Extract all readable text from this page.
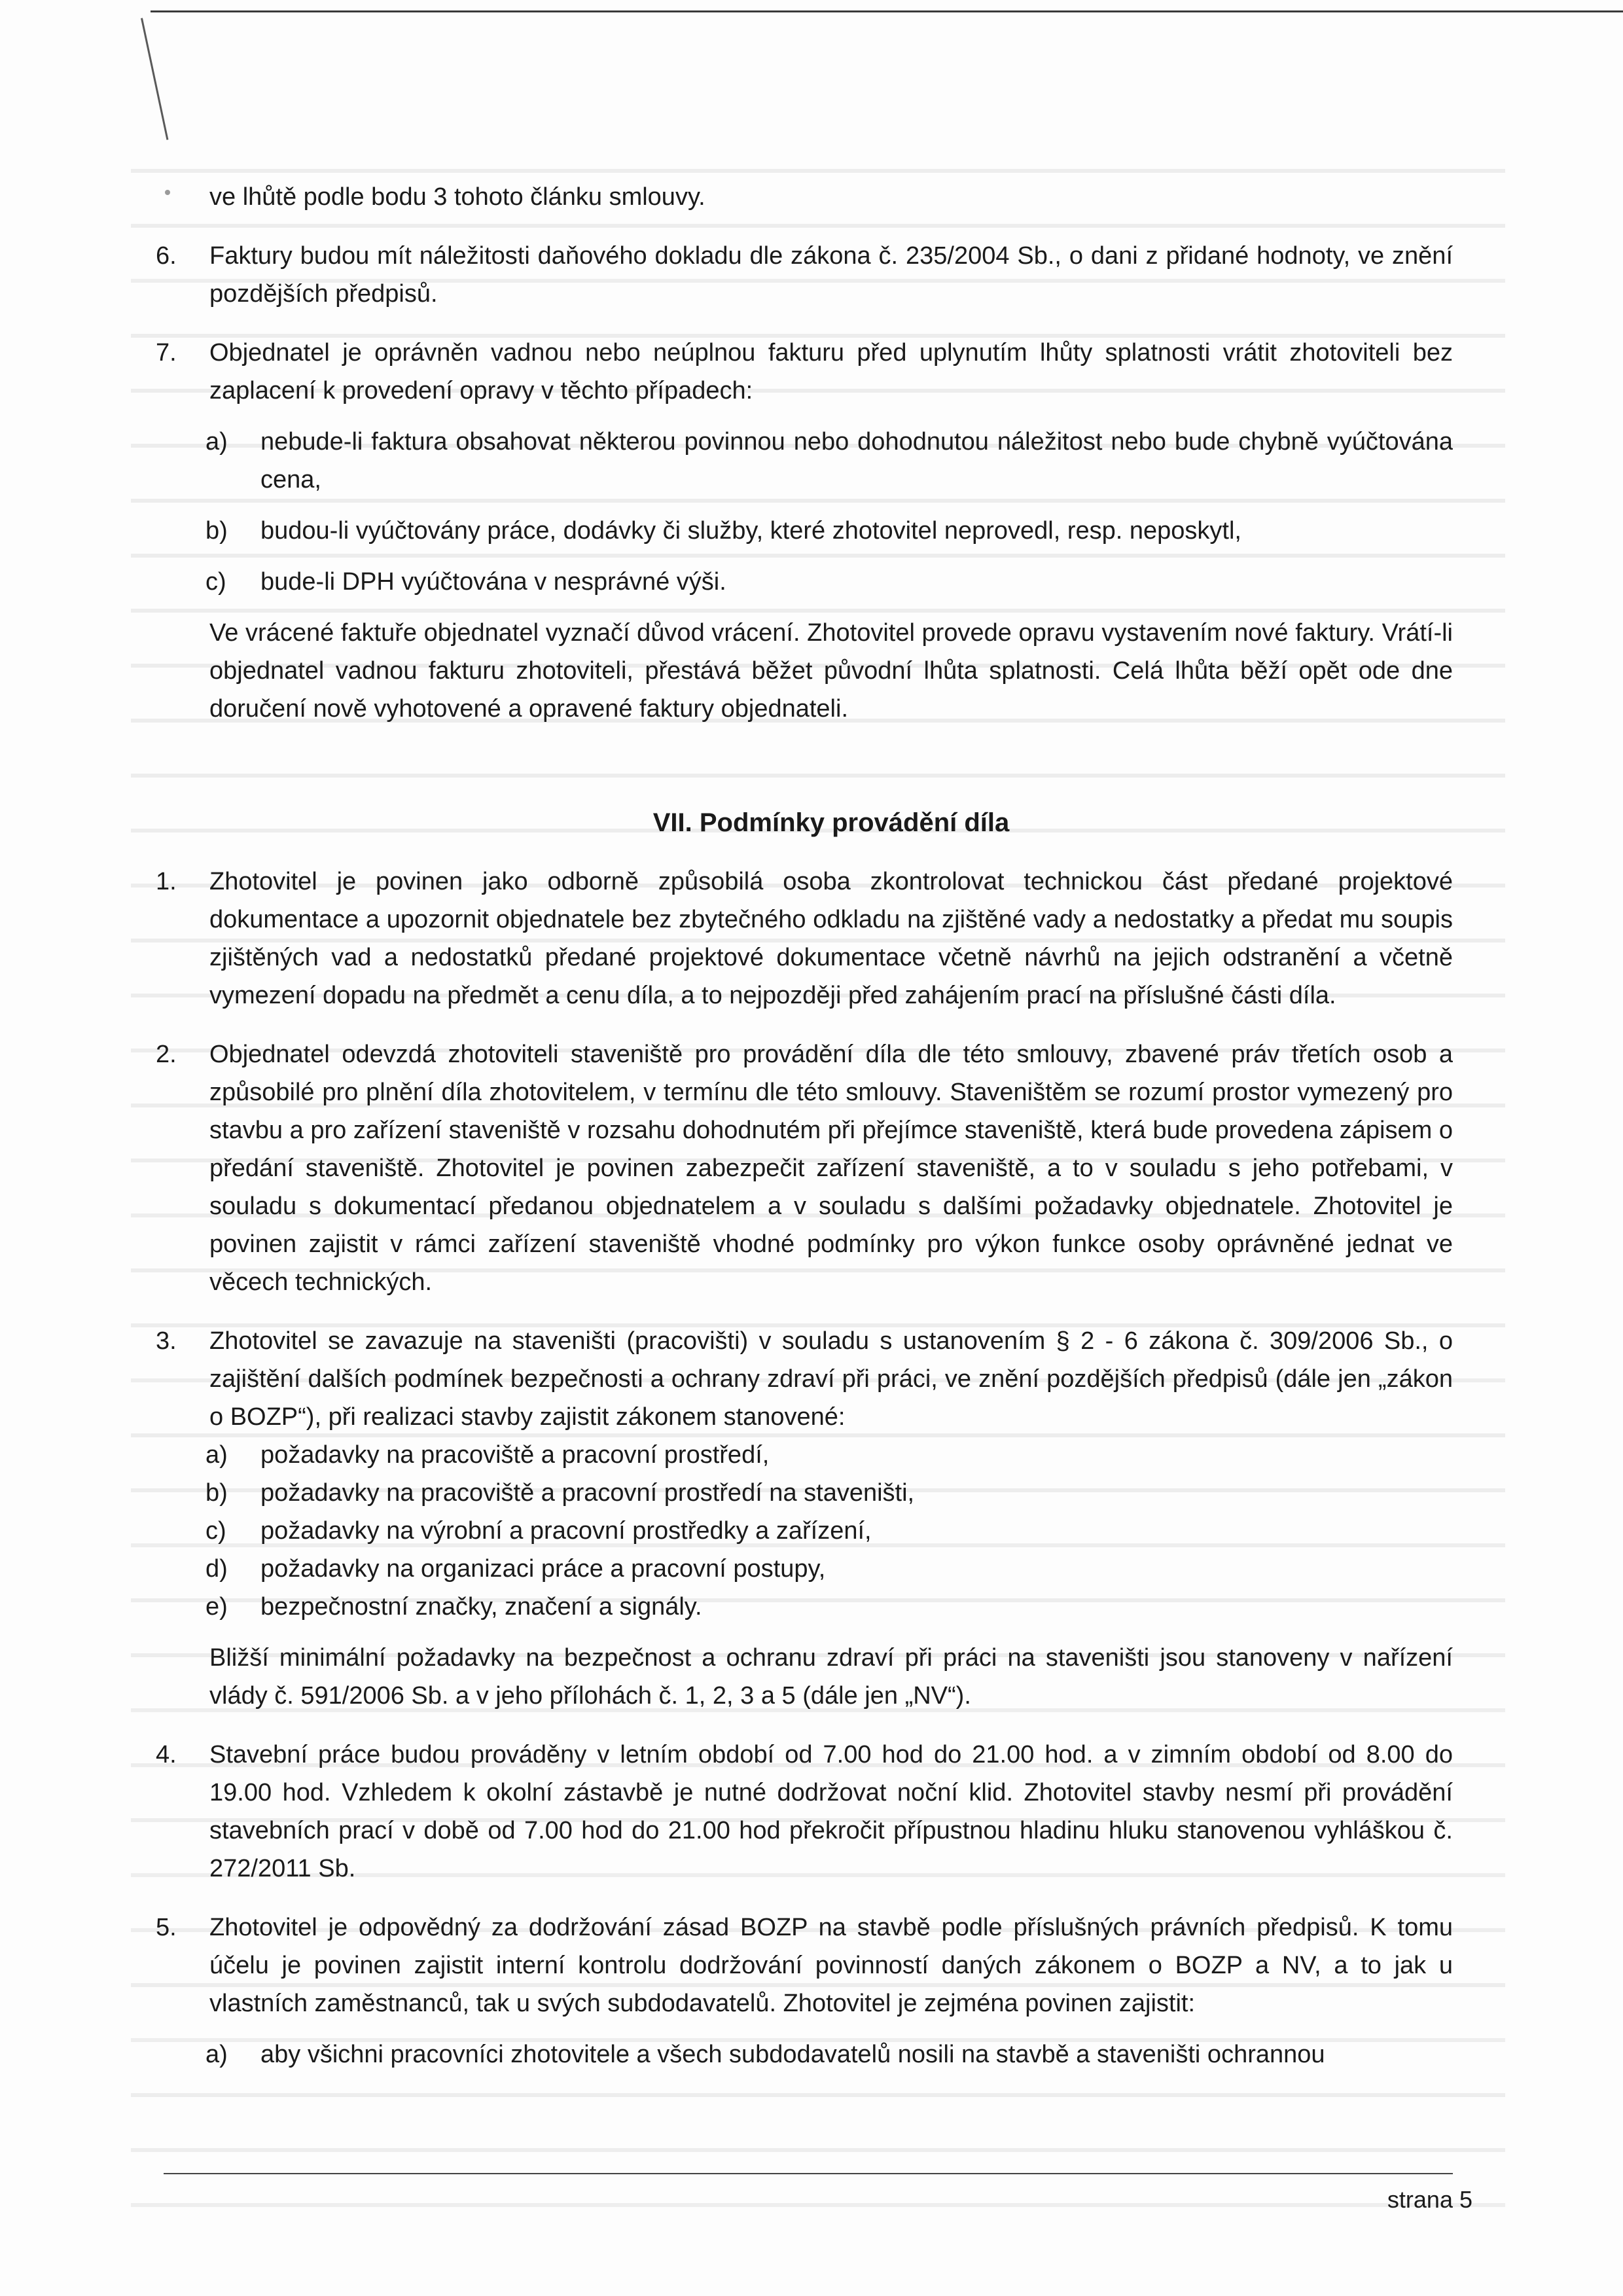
ve lhůtě podle bodu 3 tohoto článku smlouvy.

6. Faktury budou mít náležitosti daňového dokladu dle zákona č. 235/2004 Sb., o dani z přidané hodnoty, ve znění pozdějších předpisů.
7. Objednatel je oprávněn vadnou nebo neúplnou fakturu před uplynutím lhůty splatnosti vrátit zhotoviteli bez zaplacení k provedení opravy v těchto případech:
a) nebude-li faktura obsahovat některou povinnou nebo dohodnutou náležitost nebo bude chybně vyúčtována cena,
b) budou-li vyúčtovány práce, dodávky či služby, které zhotovitel neprovedl, resp. neposkytl,
c) bude-li DPH vyúčtována v nesprávné výši.

Ve vrácené faktuře objednatel vyznačí důvod vrácení. Zhotovitel provede opravu vystavením nové faktury. Vrátí-li objednatel vadnou fakturu zhotoviteli, přestává běžet původní lhůta splatnosti. Celá lhůta běží opět ode dne doručení nově vyhotovené a opravené faktury objednateli.

VII. Podmínky provádění díla
1. Zhotovitel je povinen jako odborně způsobilá osoba zkontrolovat technickou část předané projektové dokumentace a upozornit objednatele bez zbytečného odkladu na zjištěné vady a nedostatky a předat mu soupis zjištěných vad a nedostatků předané projektové dokumentace včetně návrhů na jejich odstranění a včetně vymezení dopadu na předmět a cenu díla, a to nejpozději před zahájením prací na příslušné části díla.
2. Objednatel odevzdá zhotoviteli staveniště pro provádění díla dle této smlouvy, zbavené práv třetích osob a způsobilé pro plnění díla zhotovitelem, v termínu dle této smlouvy. Staveništěm se rozumí prostor vymezený pro stavbu a pro zařízení staveniště v rozsahu dohodnutém při přejímce staveniště, která bude provedena zápisem o předání staveniště. Zhotovitel je povinen zabezpečit zařízení staveniště, a to v souladu s jeho potřebami, v souladu s dokumentací předanou objednatelem a v souladu s dalšími požadavky objednatele. Zhotovitel je povinen zajistit v rámci zařízení staveniště vhodné podmínky pro výkon funkce osoby oprávněné jednat ve věcech technických.
3. Zhotovitel se zavazuje na staveništi (pracovišti) v souladu s ustanovením § 2 - 6 zákona č. 309/2006 Sb., o zajištění dalších podmínek bezpečnosti a ochrany zdraví při práci, ve znění pozdějších předpisů (dále jen „zákon o BOZP“), při realizaci stavby zajistit zákonem stanovené:
a) požadavky na pracoviště a pracovní prostředí,
b) požadavky na pracoviště a pracovní prostředí na staveništi,
c) požadavky na výrobní a pracovní prostředky a zařízení,
d) požadavky na organizaci práce a pracovní postupy,
e) bezpečnostní značky, značení a signály.

Bližší minimální požadavky na bezpečnost a ochranu zdraví při práci na staveništi jsou stanoveny v nařízení vlády č. 591/2006 Sb. a v jeho přílohách č. 1, 2, 3 a 5 (dále jen „NV“).

4. Stavební práce budou prováděny v letním období od 7.00 hod do 21.00 hod. a v zimním období od 8.00 do 19.00 hod. Vzhledem k okolní zástavbě je nutné dodržovat noční klid. Zhotovitel stavby nesmí při provádění stavebních prací v době od 7.00 hod do 21.00 hod překročit přípustnou hladinu hluku stanovenou vyhláškou č. 272/2011 Sb.
5. Zhotovitel je odpovědný za dodržování zásad BOZP na stavbě podle příslušných právních předpisů. K tomu účelu je povinen zajistit interní kontrolu dodržování povinností daných zákonem o BOZP a NV, a to jak u vlastních zaměstnanců, tak u svých subdodavatelů. Zhotovitel je zejména povinen zajistit:
a) aby všichni pracovníci zhotovitele a všech subdodavatelů nosili na stavbě a staveništi ochrannou
strana 5
